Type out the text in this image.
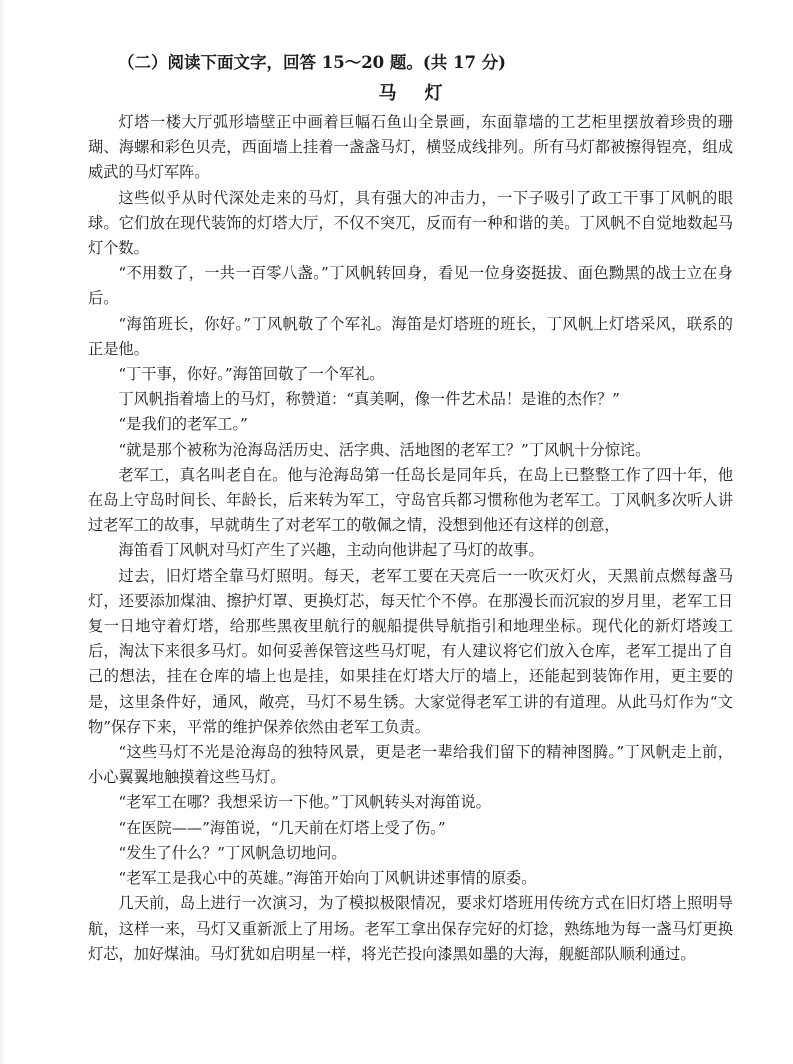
（二）阅读下面文字，回答 15～20 题。(共 17 分)
马灯

灯塔一楼大厅弧形墙壁正中画着巨幅石鱼山全景画，东面靠墙的工艺柜里摆放着珍贵的珊瑚、海螺和彩色贝壳，西面墙上挂着一盏盏马灯，横竖成线排列。所有马灯都被擦得锃亮，组成威武的马灯军阵。

这些似乎从时代深处走来的马灯，具有强大的冲击力，一下子吸引了政工干事丁风帆的眼球。它们放在现代装饰的灯塔大厅，不仅不突兀，反而有一种和谐的美。丁风帆不自觉地数起马灯个数。

“不用数了，一共一百零八盏。”丁风帆转回身，看见一位身姿挺拔、面色黝黑的战士立在身后。

“海笛班长，你好。”丁风帆敬了个军礼。海笛是灯塔班的班长，丁风帆上灯塔采风，联系的正是他。

“丁干事，你好。”海笛回敬了一个军礼。

丁风帆指着墙上的马灯，称赞道：“真美啊，像一件艺术品！是谁的杰作？”

“是我们的老军工。”

“就是那个被称为沧海岛活历史、活字典、活地图的老军工？”丁风帆十分惊诧。

老军工，真名叫老自在。他与沧海岛第一任岛长是同年兵，在岛上已整整工作了四十年，他在岛上守岛时间长、年龄长，后来转为军工，守岛官兵都习惯称他为老军工。丁风帆多次听人讲过老军工的故事，早就萌生了对老军工的敬佩之情，没想到他还有这样的创意，

海笛看丁风帆对马灯产生了兴趣，主动向他讲起了马灯的故事。

过去，旧灯塔全靠马灯照明。每天，老军工要在天亮后一一吹灭灯火，天黑前点燃每盏马灯，还要添加煤油、擦护灯罩、更换灯芯，每天忙个不停。在那漫长而沉寂的岁月里，老军工日复一日地守着灯塔，给那些黑夜里航行的舰船提供导航指引和地理坐标。现代化的新灯塔竣工后，淘汰下来很多马灯。如何妥善保管这些马灯呢，有人建议将它们放入仓库，老军工提出了自己的想法，挂在仓库的墙上也是挂，如果挂在灯塔大厅的墙上，还能起到装饰作用，更主要的是，这里条件好，通风，敞亮，马灯不易生锈。大家觉得老军工讲的有道理。从此马灯作为“文物”保存下来，平常的维护保养依然由老军工负责。

“这些马灯不光是沧海岛的独特风景，更是老一辈给我们留下的精神图腾。”丁风帆走上前，小心翼翼地触摸着这些马灯。

“老军工在哪？我想采访一下他。”丁风帆转头对海笛说。

“在医院——”海笛说，“几天前在灯塔上受了伤。”

“发生了什么？”丁风帆急切地问。

“老军工是我心中的英雄。”海笛开始向丁风帆讲述事情的原委。

几天前，岛上进行一次演习，为了模拟极限情况，要求灯塔班用传统方式在旧灯塔上照明导航，这样一来，马灯又重新派上了用场。老军工拿出保存完好的灯捻，熟练地为每一盏马灯更换灯芯，加好煤油。马灯犹如启明星一样，将光芒投向漆黑如墨的大海，舰艇部队顺利通过。
